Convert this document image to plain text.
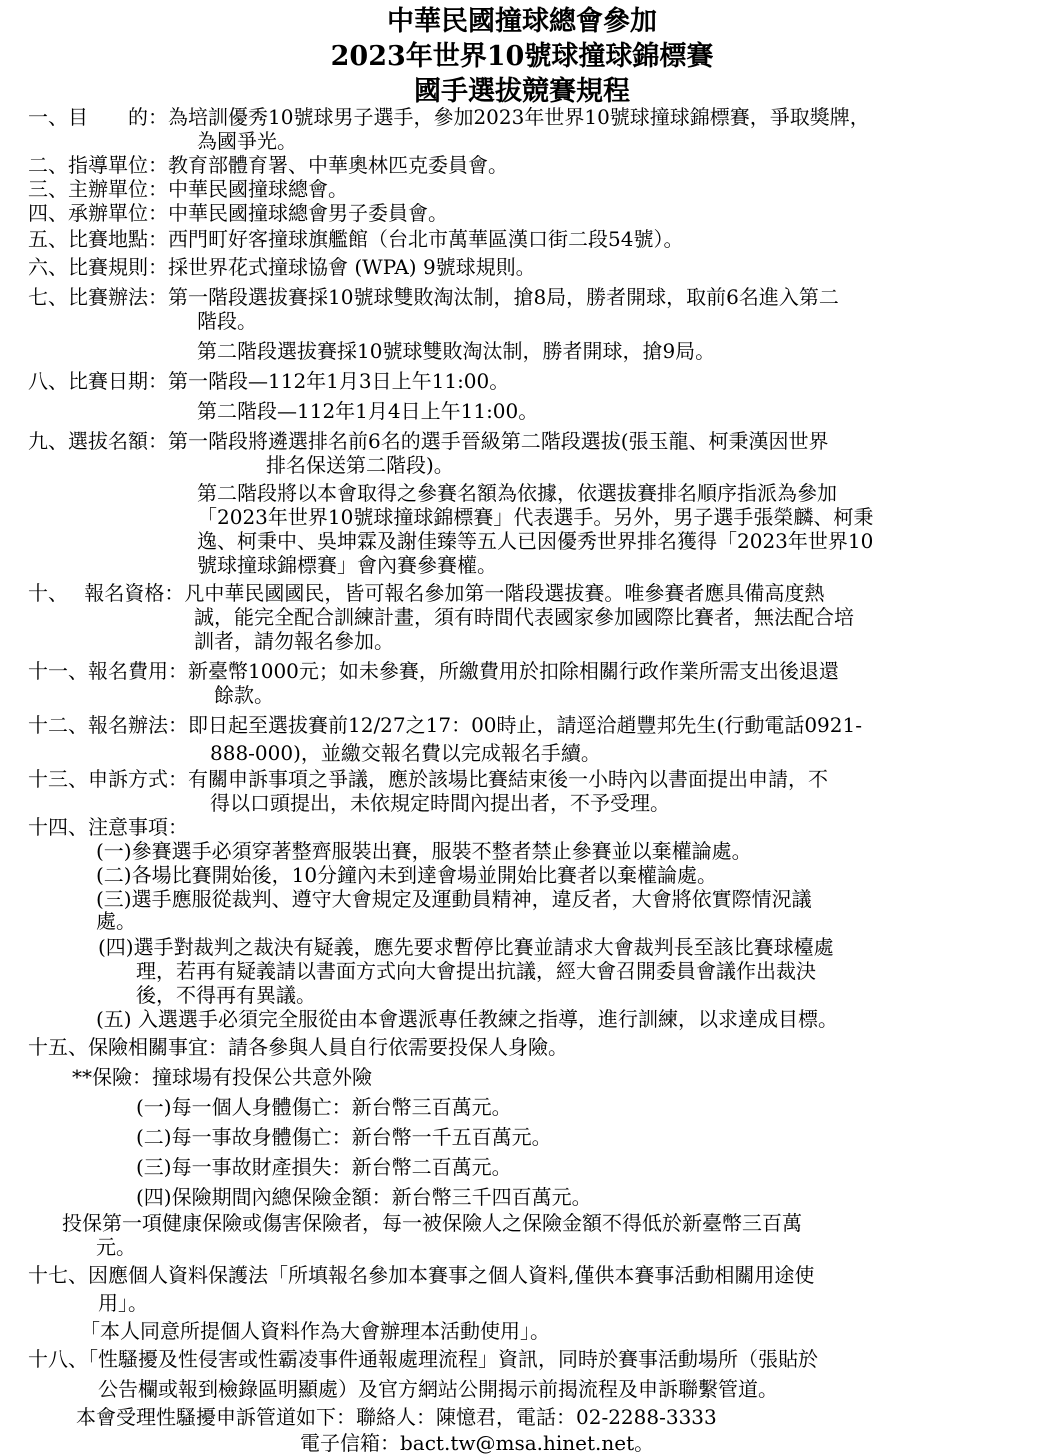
中華民國撞球總會參加
2023年世界10號球撞球錦標賽
國手選拔競賽規程
一、目　　的：為培訓優秀10號球男子選手，參加2023年世界10號球撞球錦標賽，爭取獎牌，
為國爭光。
二、指導單位：教育部體育署、中華奧林匹克委員會。
三、主辦單位：中華民國撞球總會。
四、承辦單位：中華民國撞球總會男子委員會。
五、比賽地點：西門町好客撞球旗艦館（台北市萬華區漢口街二段54號）。
六、比賽規則：採世界花式撞球協會 (WPA) 9號球規則。
七、比賽辦法：第一階段選拔賽採10號球雙敗淘汰制，搶8局，勝者開球，取前6名進入第二
階段。
第二階段選拔賽採10號球雙敗淘汰制，勝者開球，搶9局。
八、比賽日期：第一階段—112年1月3日上午11:00。
第二階段—112年1月4日上午11:00。
九、選拔名額：第一階段將遴選排名前6名的選手晉級第二階段選拔(張玉龍、柯秉漢因世界
排名保送第二階段)。
第二階段將以本會取得之參賽名額為依據，依選拔賽排名順序指派為參加
「2023年世界10號球撞球錦標賽」代表選手。另外，男子選手張榮麟、柯秉
逸、柯秉中、吳坤霖及謝佳臻等五人已因優秀世界排名獲得「2023年世界10
號球撞球錦標賽」會內賽參賽權。
十、　 報名資格：凡中華民國國民，皆可報名參加第一階段選拔賽。唯參賽者應具備高度熱
誠，能完全配合訓練計畫，須有時間代表國家參加國際比賽者，無法配合培
訓者，請勿報名參加。
十一、報名費用：新臺幣1000元；如未參賽，所繳費用於扣除相關行政作業所需支出後退還
餘款。
十二、報名辦法：即日起至選拔賽前12/27之17：00時止，請逕洽趙豐邦先生(行動電話0921-
888-000)，並繳交報名費以完成報名手續。
十三、申訴方式：有關申訴事項之爭議，應於該場比賽結束後一小時內以書面提出申請，不
得以口頭提出，未依規定時間內提出者，不予受理。
十四、注意事項：
(一)參賽選手必須穿著整齊服裝出賽，服裝不整者禁止參賽並以棄權論處。
(二)各場比賽開始後，10分鐘內未到達會場並開始比賽者以棄權論處。
(三)選手應服從裁判、遵守大會規定及運動員精神，違反者，大會將依實際情況議
處。
(四)選手對裁判之裁決有疑義，應先要求暫停比賽並請求大會裁判長至該比賽球檯處
理，若再有疑義請以書面方式向大會提出抗議，經大會召開委員會議作出裁決
後，不得再有異議。
(五) 入選選手必須完全服從由本會選派專任教練之指導，進行訓練，以求達成目標。
十五、保險相關事宜：請各參與人員自行依需要投保人身險。
**保險：撞球場有投保公共意外險
(一)每一個人身體傷亡：新台幣三百萬元。
(二)每一事故身體傷亡：新台幣一千五百萬元。
(三)每一事故財產損失：新台幣二百萬元。
(四)保險期間內總保險金額：新台幣三千四百萬元。
投保第一項健康保險或傷害保險者，每一被保險人之保險金額不得低於新臺幣三百萬
元。
十七、因應個人資料保護法「所填報名參加本賽事之個人資料,僅供本賽事活動相關用途使
用」。
「本人同意所提個人資料作為大會辦理本活動使用」。
十八、「性騷擾及性侵害或性霸凌事件通報處理流程」資訊，同時於賽事活動場所（張貼於
公告欄或報到檢錄區明顯處）及官方網站公開揭示前揭流程及申訴聯繫管道。
本會受理性騷擾申訴管道如下：聯絡人：陳憶君，電話：02-2288-3333
電子信箱：bact.tw@msa.hinet.net。
